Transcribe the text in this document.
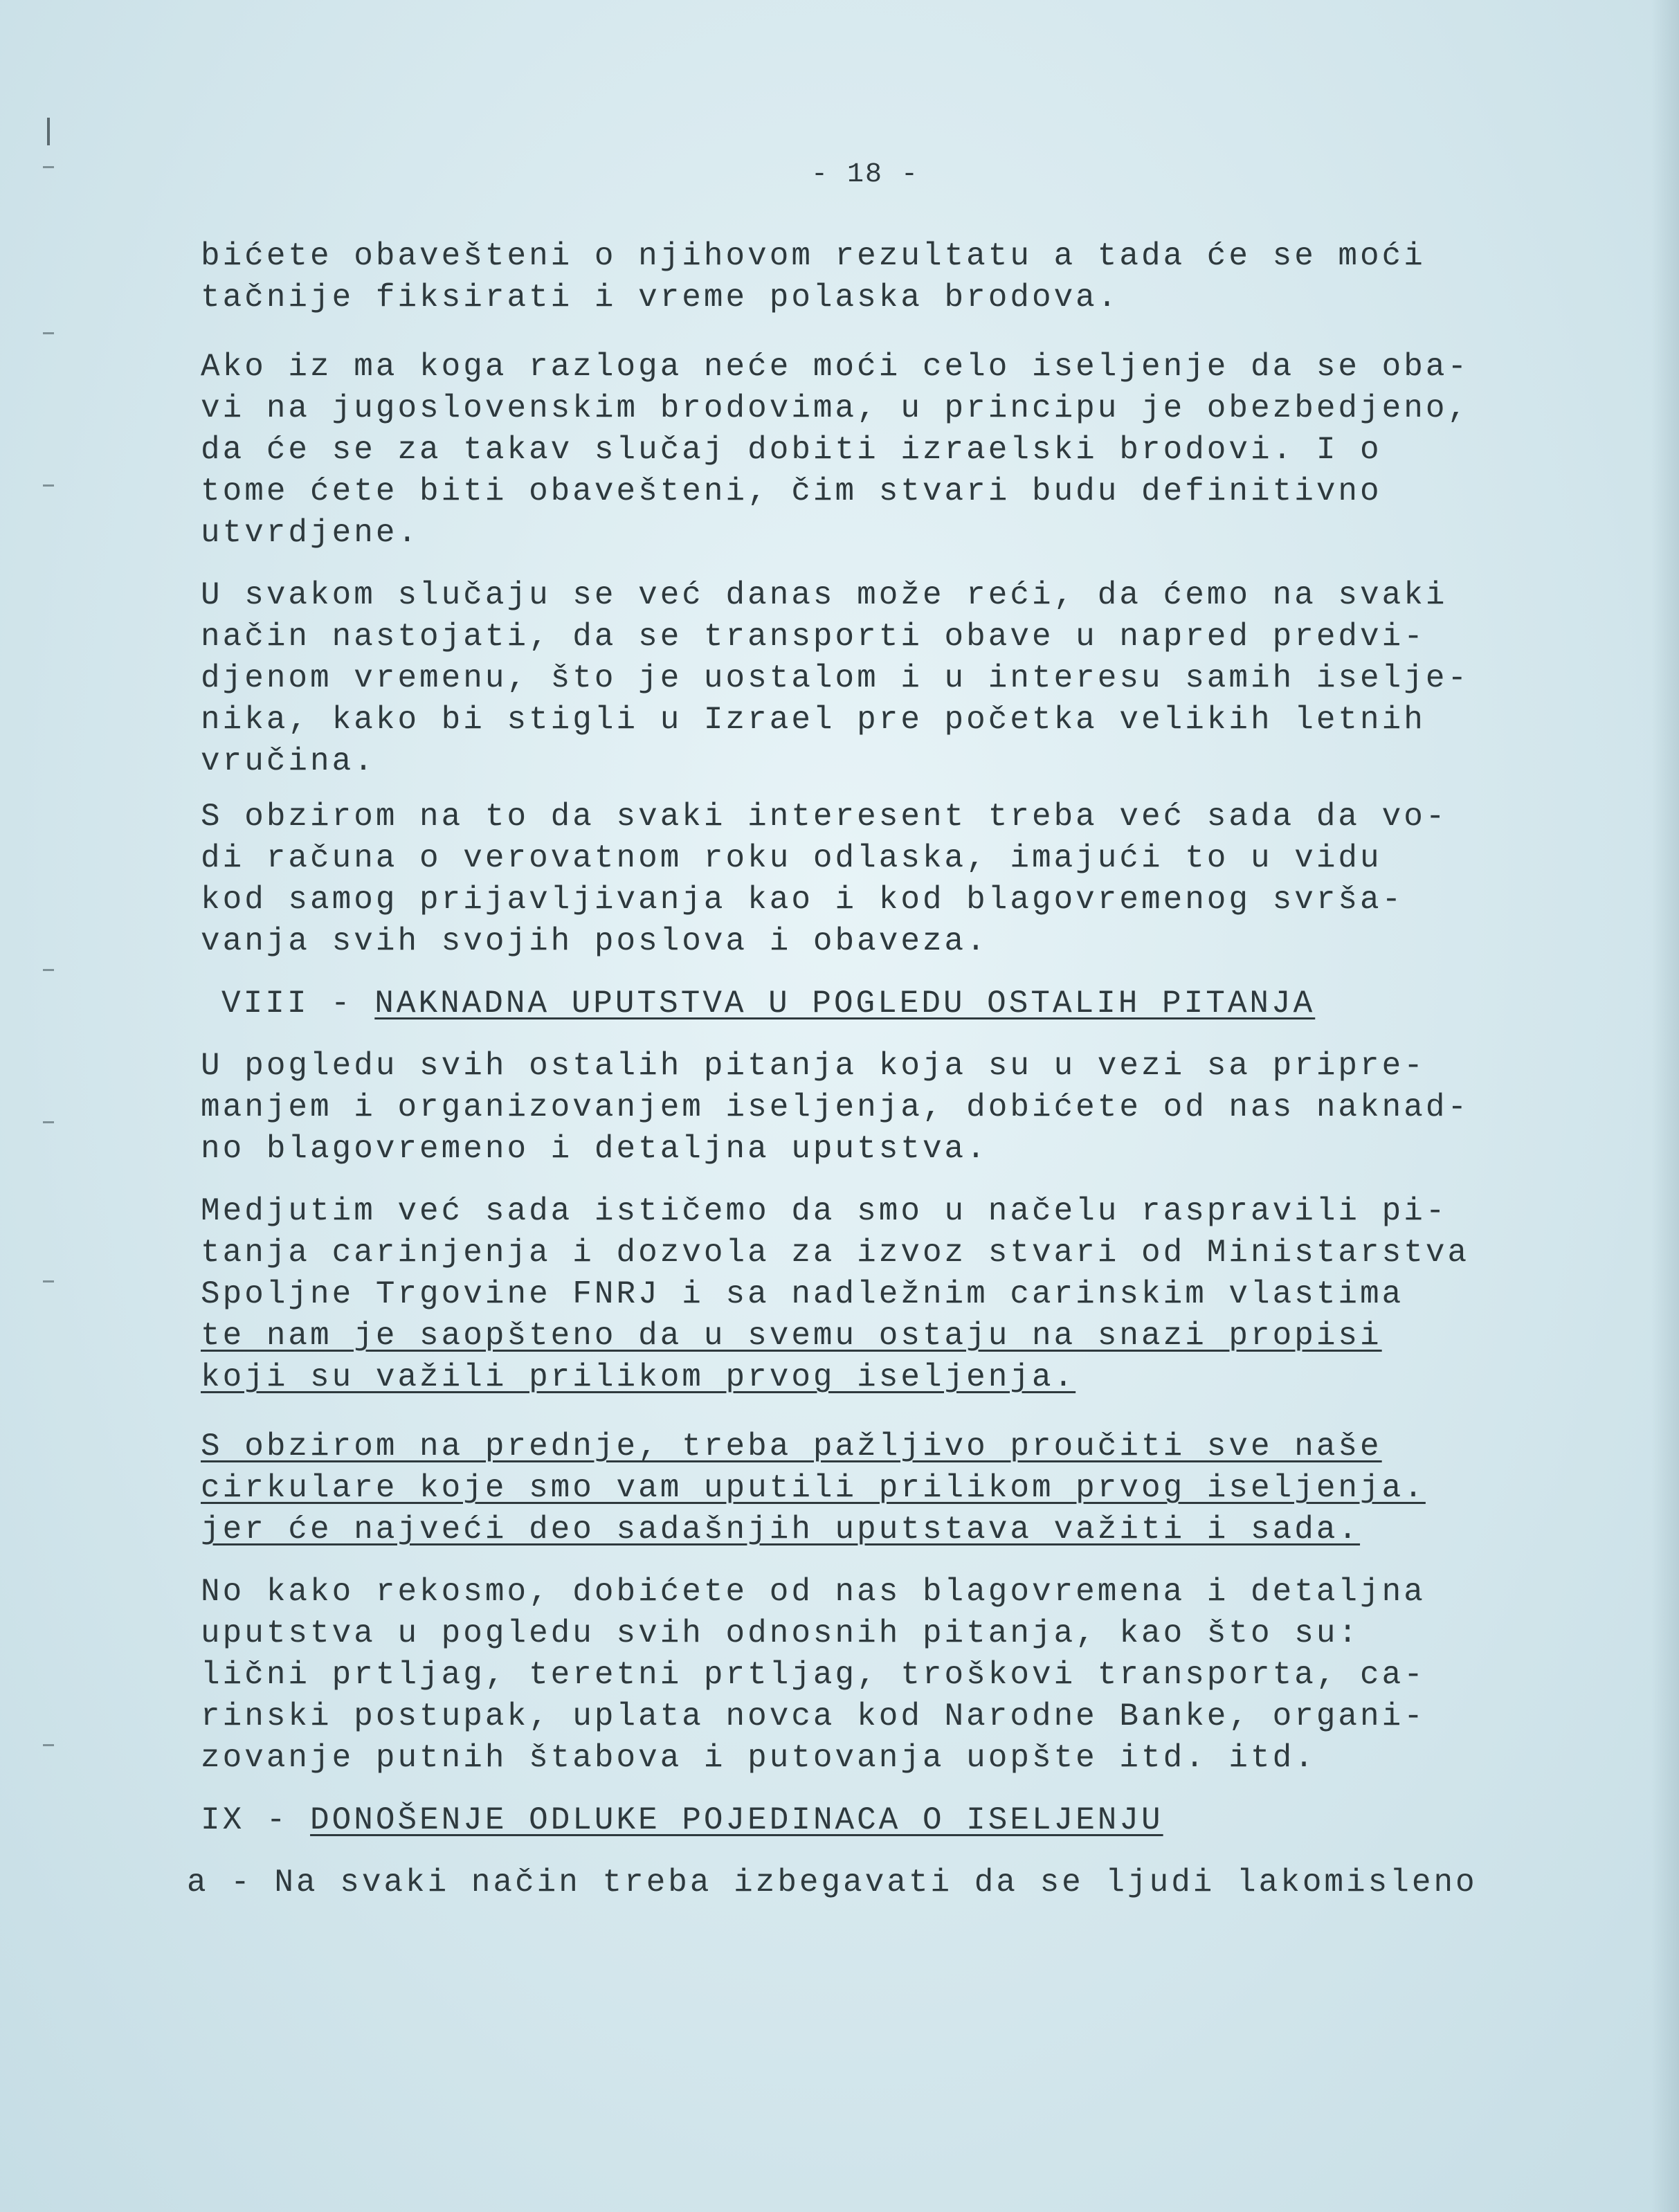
- 18 -
bićete obavešteni o njihovom rezultatu a tada će se moći
tačnije fiksirati i vreme polaska brodova.
Ako iz ma koga razloga neće moći celo iseljenje da se oba-
vi na jugoslovenskim brodovima, u principu je obezbedjeno,
da će se za takav slučaj dobiti izraelski brodovi. I o
tome ćete biti obavešteni, čim stvari budu definitivno
utvrdjene.
U svakom slučaju se već danas može reći, da ćemo na svaki
način nastojati, da se transporti obave u napred predvi-
djenom vremenu, što je uostalom i u interesu samih iselje-
nika, kako bi stigli u Izrael pre početka velikih letnih
vručina.
S obzirom na to da svaki interesent treba već sada da vo-
di računa o verovatnom roku odlaska, imajući to u vidu
kod samog prijavljivanja kao i kod blagovremenog svrša-
vanja svih svojih poslova i obaveza.
VIII - NAKNADNA UPUTSTVA U POGLEDU OSTALIH PITANJA
U pogledu svih ostalih pitanja koja su u vezi sa pripre-
manjem i organizovanjem iseljenja, dobićete od nas naknad-
no blagovremeno i detaljna uputstva.
Medjutim već sada ističemo da smo u načelu raspravili pi-
tanja carinjenja i dozvola za izvoz stvari od Ministarstva
Spoljne Trgovine FNRJ i sa nadležnim carinskim vlastima
te nam je saopšteno da u svemu ostaju na snazi propisi
koji su važili prilikom prvog iseljenja.
S obzirom na prednje, treba pažljivo proučiti sve naše
cirkulare koje smo vam uputili prilikom prvog iseljenja.
jer će najveći deo sadašnjih uputstava važiti i sada.
No kako rekosmo, dobićete od nas blagovremena i detaljna
uputstva u pogledu svih odnosnih pitanja, kao što su:
lični prtljag, teretni prtljag, troškovi transporta, ca-
rinski postupak, uplata novca kod Narodne Banke, organi-
zovanje putnih štabova i putovanja uopšte itd. itd.
IX - DONOŠENJE ODLUKE POJEDINACA O ISELJENJU
a - Na svaki način treba izbegavati da se ljudi lakomisleno
